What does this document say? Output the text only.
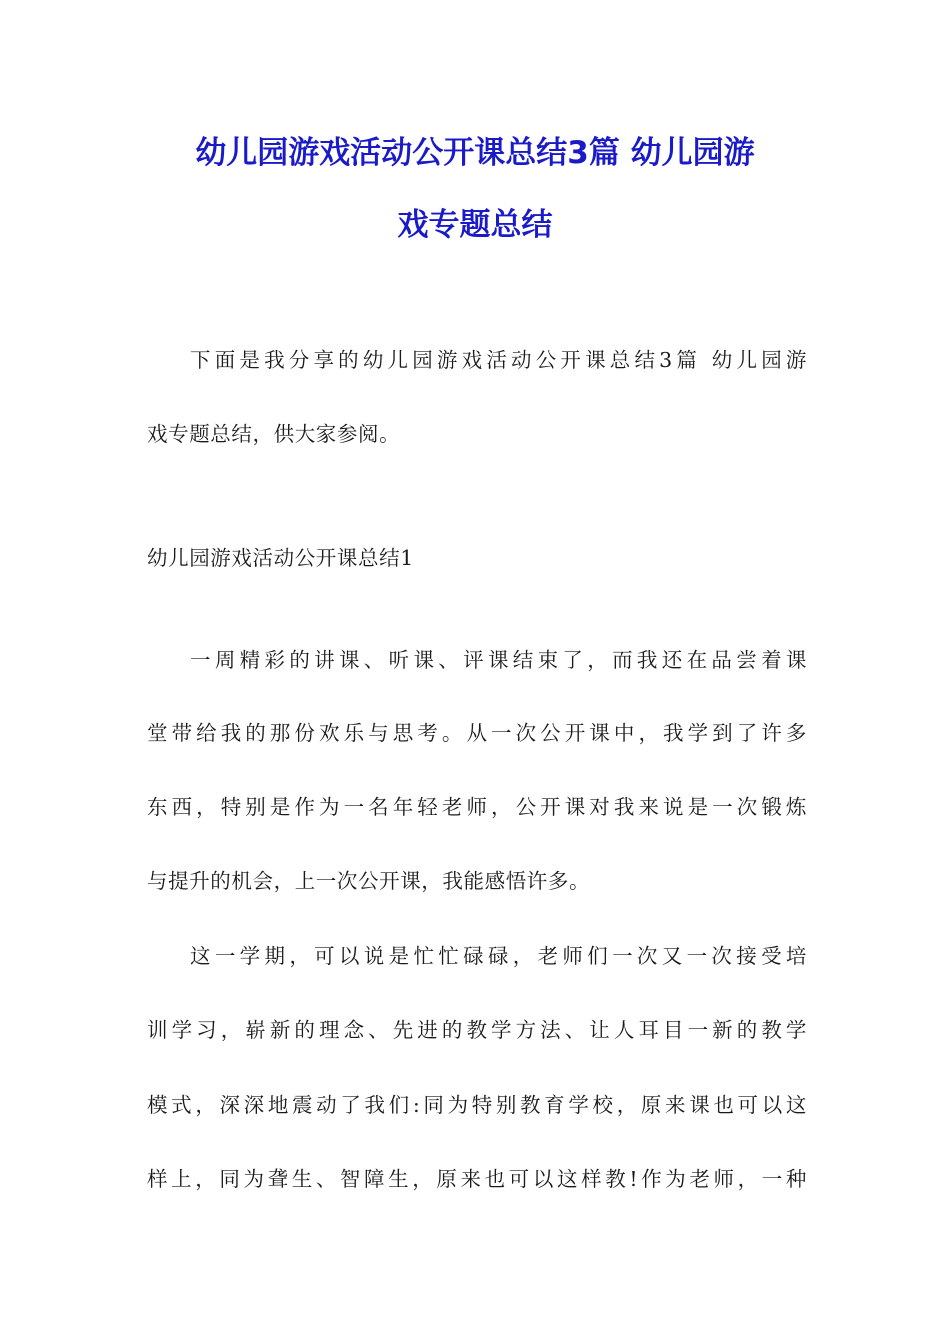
幼儿园游戏活动公开课总结3篇 幼儿园游
戏专题总结

下面是我分享的幼儿园游戏活动公开课总结3篇 幼儿园游

戏专题总结，供大家参阅。

幼儿园游戏活动公开课总结1

一周精彩的讲课、听课、评课结束了，而我还在品尝着课

堂带给我的那份欢乐与思考。从一次公开课中，我学到了许多

东西，特别是作为一名年轻老师，公开课对我来说是一次锻炼

与提升的机会，上一次公开课，我能感悟许多。

这一学期，可以说是忙忙碌碌，老师们一次又一次接受培

训学习，崭新的理念、先进的教学方法、让人耳目一新的教学

模式，深深地震动了我们:同为特别教育学校，原来课也可以这

样上，同为聋生、智障生，原来也可以这样教!作为老师，一种
